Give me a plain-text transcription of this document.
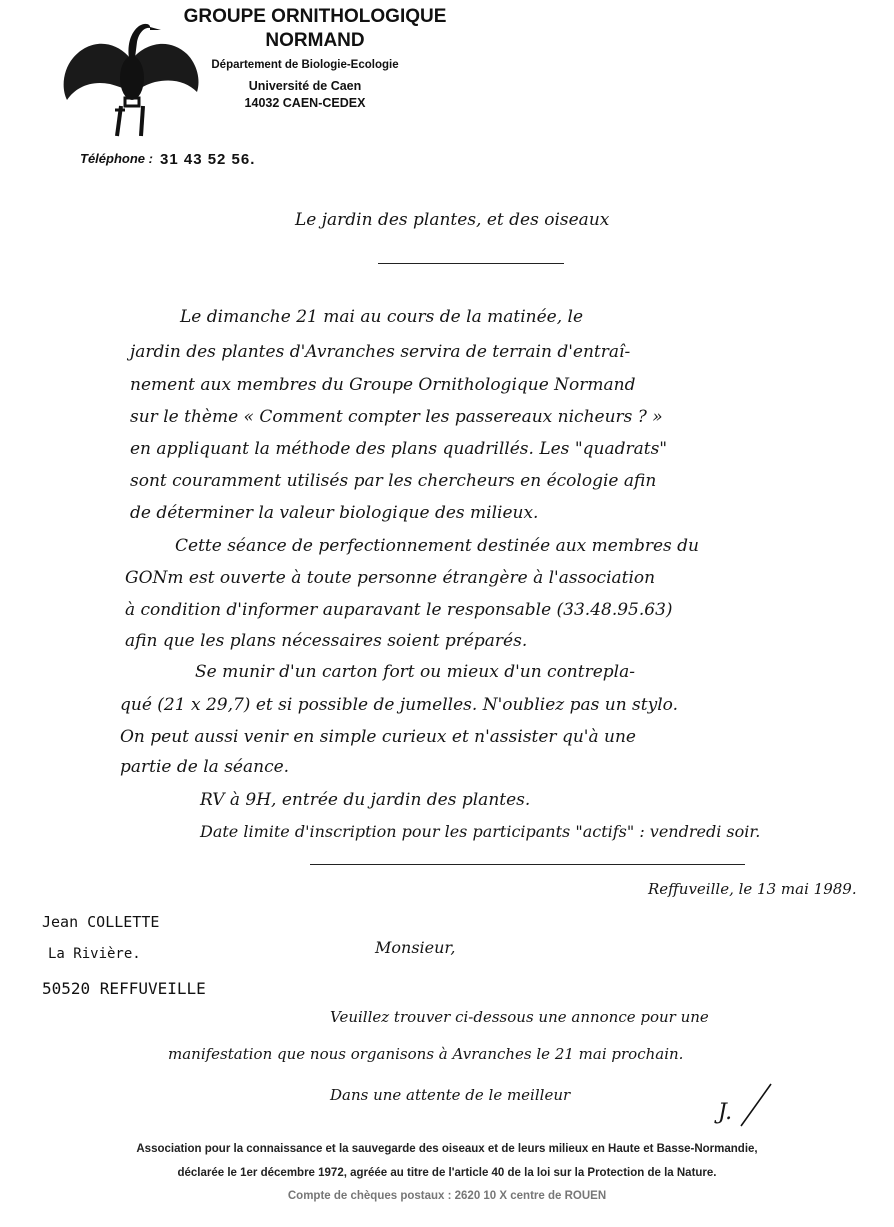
GROUPE ORNITHOLOGIQUE
NORMAND
Département de Biologie-Ecologie
Université de Caen
14032 CAEN-CEDEX
Téléphone : 31 43 52 56.
Le jardin des plantes, et des oiseaux
Le dimanche 21 mai au cours de la matinée, le
jardin des plantes d'Avranches servira de terrain d'entraî-
nement aux membres du Groupe Ornithologique Normand
sur le thème « Comment compter les passereaux nicheurs ? »
en appliquant la méthode des plans quadrillés. Les "quadrats"
sont couramment utilisés par les chercheurs en écologie afin
de déterminer la valeur biologique des milieux.
Cette séance de perfectionnement destinée aux membres du
GONm est ouverte à toute personne étrangère à l'association
à condition d'informer auparavant le responsable (33.48.95.63)
afin que les plans nécessaires soient préparés.
Se munir d'un carton fort ou mieux d'un contrepla-
qué (21 x 29,7) et si possible de jumelles. N'oubliez pas un stylo.
On peut aussi venir en simple curieux et n'assister qu'à une
partie de la séance.
RV à 9H, entrée du jardin des plantes.
Date limite d'inscription pour les participants "actifs" : vendredi soir.
Reffuveille, le 13 mai 1989.
Jean COLLETTE
La Rivière.
50520 REFFUVEILLE
Monsieur,
Veuillez trouver ci-dessous une annonce pour une
manifestation que nous organisons à Avranches le 21 mai prochain.
Dans une attente de le meilleur
J.
Association pour la connaissance et la sauvegarde des oiseaux et de leurs milieux en Haute et Basse-Normandie,
déclarée le 1er décembre 1972, agréée au titre de l'article 40 de la loi sur la Protection de la Nature.
Compte de chèques postaux : 2620 10 X centre de ROUEN
